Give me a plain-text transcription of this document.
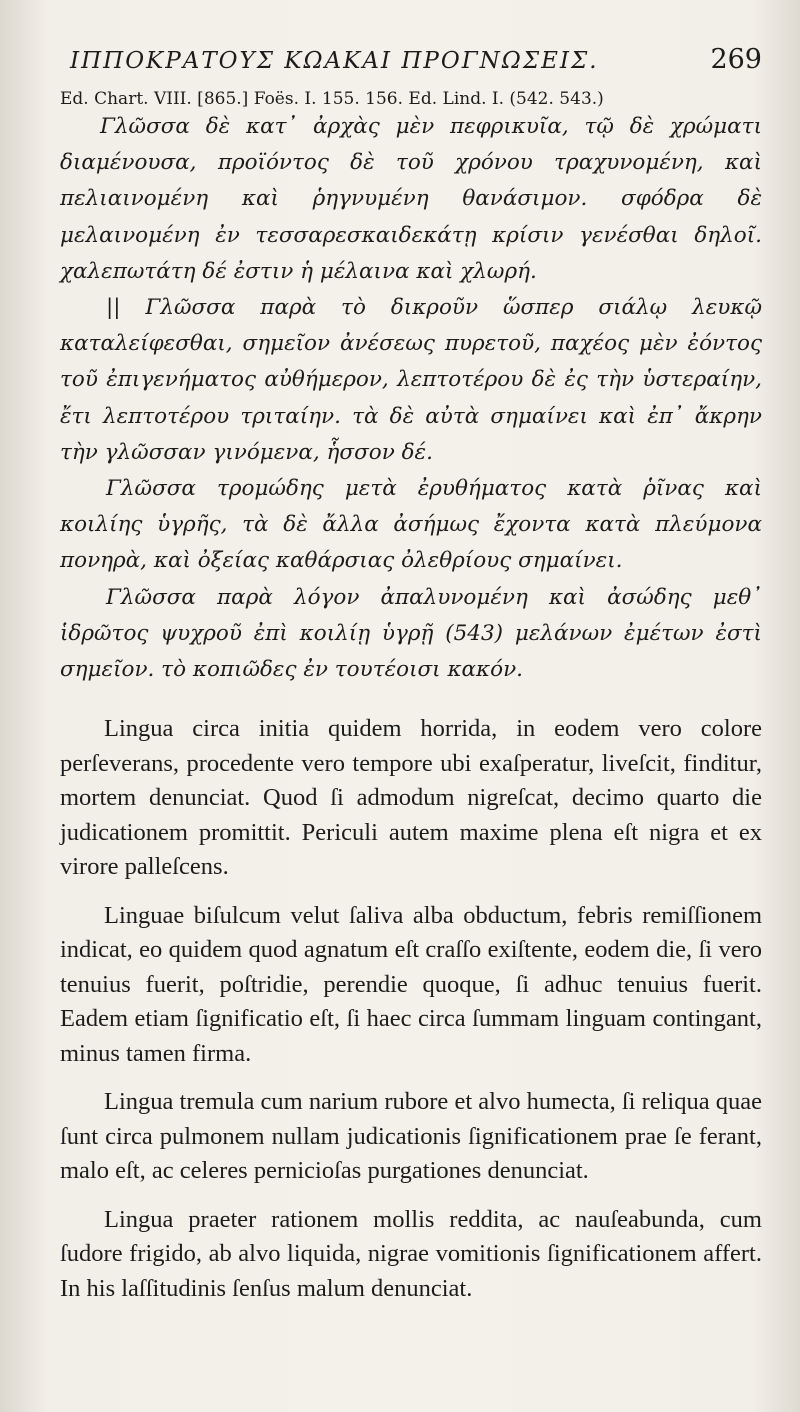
ΙΠΠΟΚΡΑΤΟΥΣ ΚΩΑΚΑΙ ΠΡΟΓΝΩΣΕΙΣ.	269
Ed. Chart. VIII. [865.] Foës. I. 155. 156. Ed. Lind. I. (542. 543.)

Γλῶσσα δὲ κατ᾽ ἀρχὰς μὲν πεφρικυῖα, τῷ δὲ χρώματι διαμένουσα, προϊόντος δὲ τοῦ χρόνου τραχυνομένη, καὶ πελιαινομένη καὶ ῥηγνυμένη θανάσιμον. σφόδρα δὲ μελαινομένη ἐν τεσσαρεσκαιδεκάτῃ κρίσιν γενέσθαι δηλοῖ. χαλεπωτάτη δέ ἐστιν ἡ μέλαινα καὶ χλωρή.

|| Γλῶσσα παρὰ τὸ δικροῦν ὥσπερ σιάλῳ λευκῷ καταλείφεσθαι, σημεῖον ἀνέσεως πυρετοῦ, παχέος μὲν ἐόντος τοῦ ἐπιγενήματος αὐθήμερον, λεπτοτέρου δὲ ἐς τὴν ὑστεραίην, ἔτι λεπτοτέρου τριταίην. τὰ δὲ αὐτὰ σημαίνει καὶ ἐπ᾽ ἄκρην τὴν γλῶσσαν γινόμενα, ἧσσον δέ.

Γλῶσσα τρομώδης μετὰ ἐρυθήματος κατὰ ῥῖνας καὶ κοιλίης ὑγρῆς, τὰ δὲ ἄλλα ἀσήμως ἔχοντα κατὰ πλεύμονα πονηρὰ, καὶ ὀξείας καθάρσιας ὀλεθρίους σημαίνει.

Γλῶσσα παρὰ λόγον ἀπαλυνομένη καὶ ἀσώδης μεθ᾽ ἱδρῶτος ψυχροῦ ἐπὶ κοιλίῃ ὑγρῇ (543) μελάνων ἐμέτων ἐστὶ σημεῖον. τὸ κοπιῶδες ἐν τουτέοισι κακόν.

Lingua circa initia quidem horrida, in eodem vero colore perſeverans, procedente vero tempore ubi exaſperatur, liveſcit, finditur, mortem denunciat. Quod ſi admodum nigreſcat, decimo quarto die judicationem promittit. Periculi autem maxime plena eſt nigra et ex virore palleſcens.

Linguae biſulcum velut ſaliva alba obductum, febris remiſſionem indicat, eo quidem quod agnatum eſt craſſo exiſtente, eodem die, ſi vero tenuius fuerit, poſtridie, perendie quoque, ſi adhuc tenuius fuerit. Eadem etiam ſignificatio eſt, ſi haec circa ſummam linguam contingant, minus tamen firma.

Lingua tremula cum narium rubore et alvo humecta, ſi reliqua quae ſunt circa pulmonem nullam judicationis ſignificationem prae ſe ferant, malo eſt, ac celeres pernicioſas purgationes denunciat.

Lingua praeter rationem mollis reddita, ac nauſeabunda, cum ſudore frigido, ab alvo liquida, nigrae vomitionis ſignificationem affert. In his laſſitudinis ſenſus malum denunciat.
